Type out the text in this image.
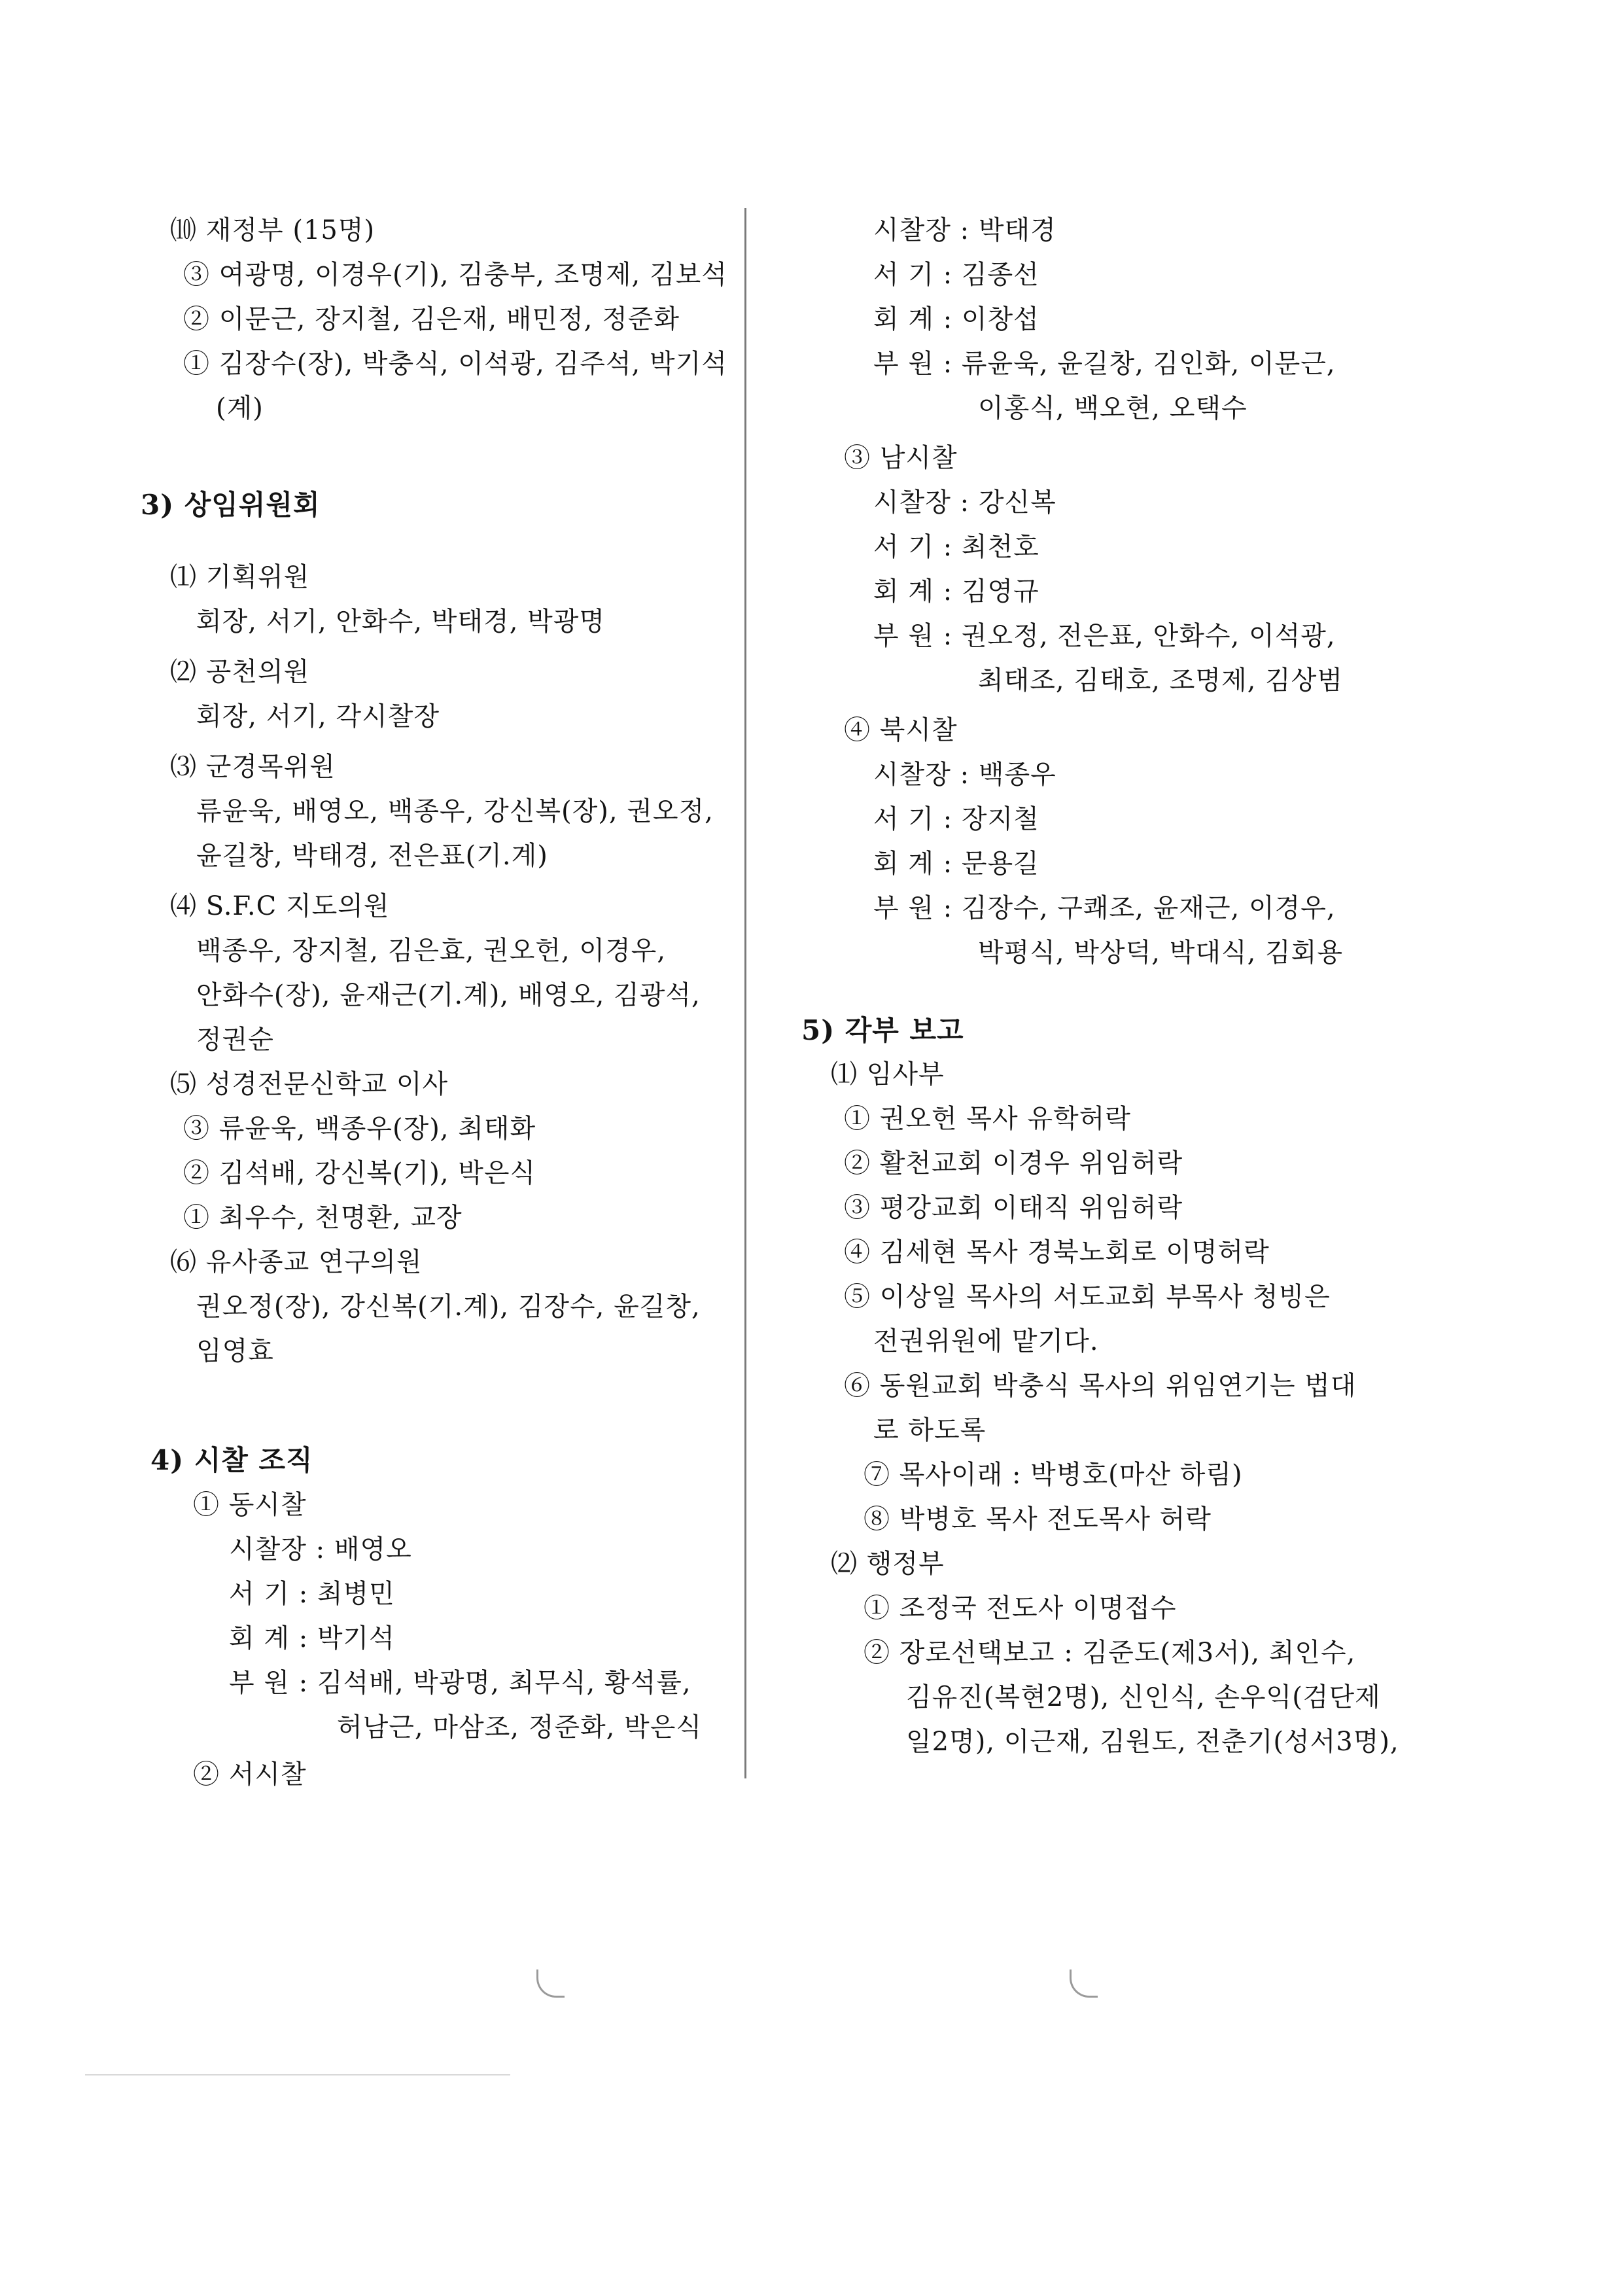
⑽ 재정부 (15명)
③ 여광명, 이경우(기), 김충부, 조명제, 김보석
② 이문근, 장지철, 김은재, 배민정, 정준화
① 김장수(장), 박충식, 이석광, 김주석, 박기석
(계)
3) 상임위원회
⑴ 기획위원
회장, 서기, 안화수, 박태경, 박광명
⑵ 공천의원
회장, 서기, 각시찰장
⑶ 군경목위원
류윤욱, 배영오, 백종우, 강신복(장), 권오정,
윤길창, 박태경, 전은표(기.계)
⑷ S.F.C 지도의원
백종우, 장지철, 김은효, 권오헌, 이경우,
안화수(장), 윤재근(기.계), 배영오, 김광석,
정권순
⑸ 성경전문신학교 이사
③ 류윤욱, 백종우(장), 최태화
② 김석배, 강신복(기), 박은식
① 최우수, 천명환, 교장
⑹ 유사종교 연구의원
권오정(장), 강신복(기.계), 김장수, 윤길창,
임영효
4) 시찰 조직
① 동시찰
시찰장 : 배영오
서 기 : 최병민
회 계 : 박기석
부 원 : 김석배, 박광명, 최무식, 황석률,
허남근, 마삼조, 정준화, 박은식
② 서시찰
시찰장 : 박태경
서 기 : 김종선
회 계 : 이창섭
부 원 : 류윤욱, 윤길창, 김인화, 이문근,
이홍식, 백오현, 오택수
③ 남시찰
시찰장 : 강신복
서 기 : 최천호
회 계 : 김영규
부 원 : 권오정, 전은표, 안화수, 이석광,
최태조, 김태호, 조명제, 김상범
④ 북시찰
시찰장 : 백종우
서 기 : 장지철
회 계 : 문용길
부 원 : 김장수, 구쾌조, 윤재근, 이경우,
박평식, 박상덕, 박대식, 김회용
5) 각부 보고
⑴ 임사부
① 권오헌 목사 유학허락
② 활천교회 이경우 위임허락
③ 평강교회 이태직 위임허락
④ 김세현 목사 경북노회로 이명허락
⑤ 이상일 목사의 서도교회 부목사 청빙은
전권위원에 맡기다.
⑥ 동원교회 박충식 목사의 위임연기는 법대
로 하도록
⑦ 목사이래 : 박병호(마산 하림)
⑧ 박병호 목사 전도목사 허락
⑵ 행정부
① 조정국 전도사 이명접수
② 장로선택보고 : 김준도(제3서), 최인수,
김유진(복현2명), 신인식, 손우익(검단제
일2명), 이근재, 김원도, 전춘기(성서3명),
